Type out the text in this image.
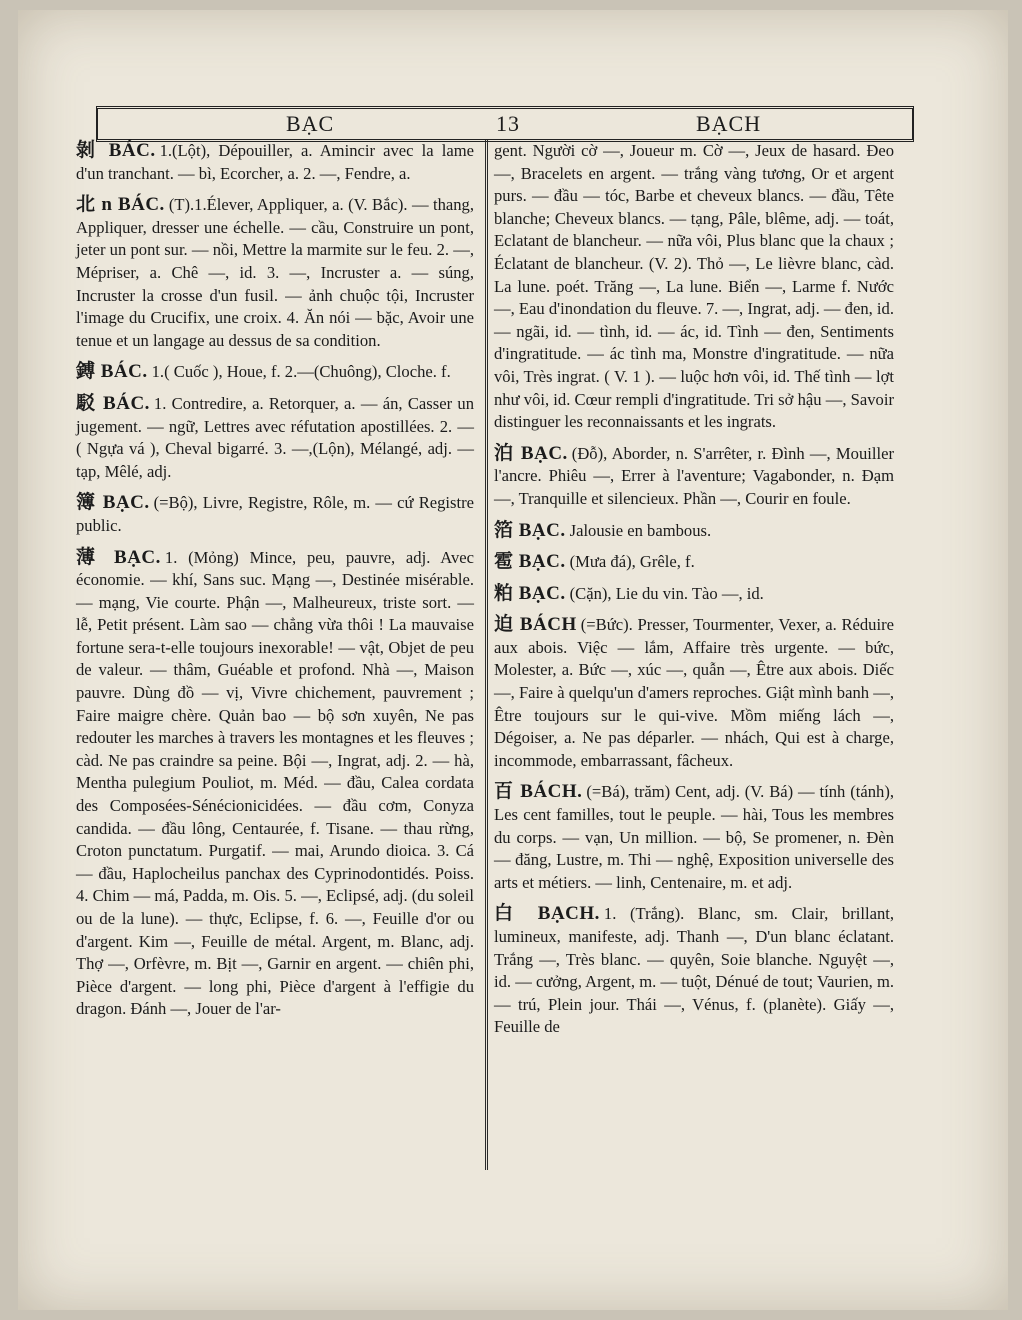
BẠC	13	BẠCH

剝 BÁC. 1.(Lột), Dépouiller, a. Amincir avec la lame d'un tranchant. — bì, Ecorcher, a. 2. —, Fendre, a.

北 n BÁC. (T).1.Élever, Appliquer, a. (V. Bắc). — thang, Appliquer, dresser une échelle. — cầu, Construire un pont, jeter un pont sur. — nồi, Mettre la marmite sur le feu. 2. —, Mépriser, a. Chê —, id. 3. —, Incruster a. — súng, Incruster la crosse d'un fusil. — ảnh chuộc tội, Incruster l'image du Crucifix, une croix. 4. Ăn nói — bặc, Avoir une tenue et un langage au dessus de sa condition.

鎛 BÁC. 1.( Cuốc ), Houe, f. 2.—(Chuông), Cloche. f.

駁 BÁC. 1. Contredire, a. Retorquer, a. — án, Casser un jugement. — ngữ, Lettres avec réfutation apostillées. 2. — ( Ngựa vá ), Cheval bigarré. 3. —,(Lộn), Mélangé, adj. — tạp, Mêlé, adj.

簿 BẠC. (=Bộ), Livre, Registre, Rôle, m. — cứ Registre public.

薄 BẠC. 1. (Mỏng) Mince, peu, pauvre, adj. Avec économie. — khí, Sans suc. Mạng —, Destinée misérable. — mạng, Vie courte. Phận —, Malheureux, triste sort. — lễ, Petit présent. Làm sao — chẳng vừa thôi ! La mauvaise fortune sera-t-elle toujours inexorable! — vật, Objet de peu de valeur. — thâm, Guéable et profond. Nhà —, Maison pauvre. Dùng đồ — vị, Vivre chichement, pauvrement ; Faire maigre chère. Quản bao — bộ sơn xuyên, Ne pas redouter les marches à travers les montagnes et les fleuves ; càd. Ne pas craindre sa peine. Bội —, Ingrat, adj. 2. — hà, Mentha pulegium Pouliot, m. Méd. — đầu, Calea cordata des Composées-Sénécionicidées. — đầu cơm, Conyza candida. — đầu lông, Centaurée, f. Tisane. — thau rừng, Croton punctatum. Purgatif. — mai, Arundo dioica. 3. Cá — đầu, Haplocheilus panchax des Cyprinodontidés. Poiss. 4. Chim — má, Padda, m. Ois. 5. —, Eclipsé, adj. (du soleil ou de la lune). — thực, Eclipse, f. 6. —, Feuille d'or ou d'argent. Kim —, Feuille de métal. Argent, m. Blanc, adj. Thợ —, Orfèvre, m. Bịt —, Garnir en argent. — chiên phi, Pièce d'argent. — long phi, Pièce d'argent à l'effigie du dragon. Đánh —, Jouer de l'ar-

gent. Người cờ —, Joueur m. Cờ —, Jeux de hasard. Đeo —, Bracelets en argent. — trắng vàng tương, Or et argent purs. — đầu — tóc, Barbe et cheveux blancs. — đầu, Tête blanche; Cheveux blancs. — tạng, Pâle, blême, adj. — toát, Eclatant de blancheur. — nữa vôi, Plus blanc que la chaux ; Éclatant de blancheur. (V. 2). Thỏ —, Le lièvre blanc, càd. La lune. poét. Trăng —, La lune. Biển —, Larme f. Nước —, Eau d'inondation du fleuve. 7. —, Ingrat, adj. — đen, id. — ngãi, id. — tình, id. — ác, id. Tình — đen, Sentiments d'ingratitude. — ác tình ma, Monstre d'ingratitude. — nữa vôi, Très ingrat. ( V. 1 ). — luộc hơn vôi, id. Thế tình — lợt như vôi, id. Cœur rempli d'ingratitude. Tri sở hậu —, Savoir distinguer les reconnaissants et les ingrats.

泊 BẠC. (Đỗ), Aborder, n. S'arrêter, r. Đình —, Mouiller l'ancre. Phiêu —, Errer à l'aventure; Vagabonder, n. Đạm —, Tranquille et silencieux. Phần —, Courir en foule.

箔 BẠC. Jalousie en bambous.

雹 BẠC. (Mưa đá), Grêle, f.

粕 BẠC. (Cặn), Lie du vin. Tào —, id.

迫 BÁCH (=Bức). Presser, Tourmenter, Vexer, a. Réduire aux abois. Việc — lắm, Affaire très urgente. — bức, Molester, a. Bức —, xúc —, quẫn —, Être aux abois. Diếc —, Faire à quelqu'un d'amers reproches. Giật mình banh —, Être toujours sur le qui-vive. Mồm miếng lách —, Dégoiser, a. Ne pas déparler. — nhách, Qui est à charge, incommode, embarrassant, fâcheux.

百 BÁCH. (=Bá), trăm) Cent, adj. (V. Bá) — tính (tánh), Les cent familles, tout le peuple. — hài, Tous les membres du corps. — vạn, Un million. — bộ, Se promener, n. Đèn — đăng, Lustre, m. Thi — nghệ, Exposition universelle des arts et métiers. — linh, Centenaire, m. et adj.

白 BẠCH. 1. (Trắng). Blanc, sm. Clair, brillant, lumineux, manifeste, adj. Thanh —, D'un blanc éclatant. Trắng —, Très blanc. — quyên, Soie blanche. Nguyệt —, id. — cưởng, Argent, m. — tuột, Dénué de tout; Vaurien, m. — trú, Plein jour. Thái —, Vénus, f. (planète). Giấy —, Feuille de
